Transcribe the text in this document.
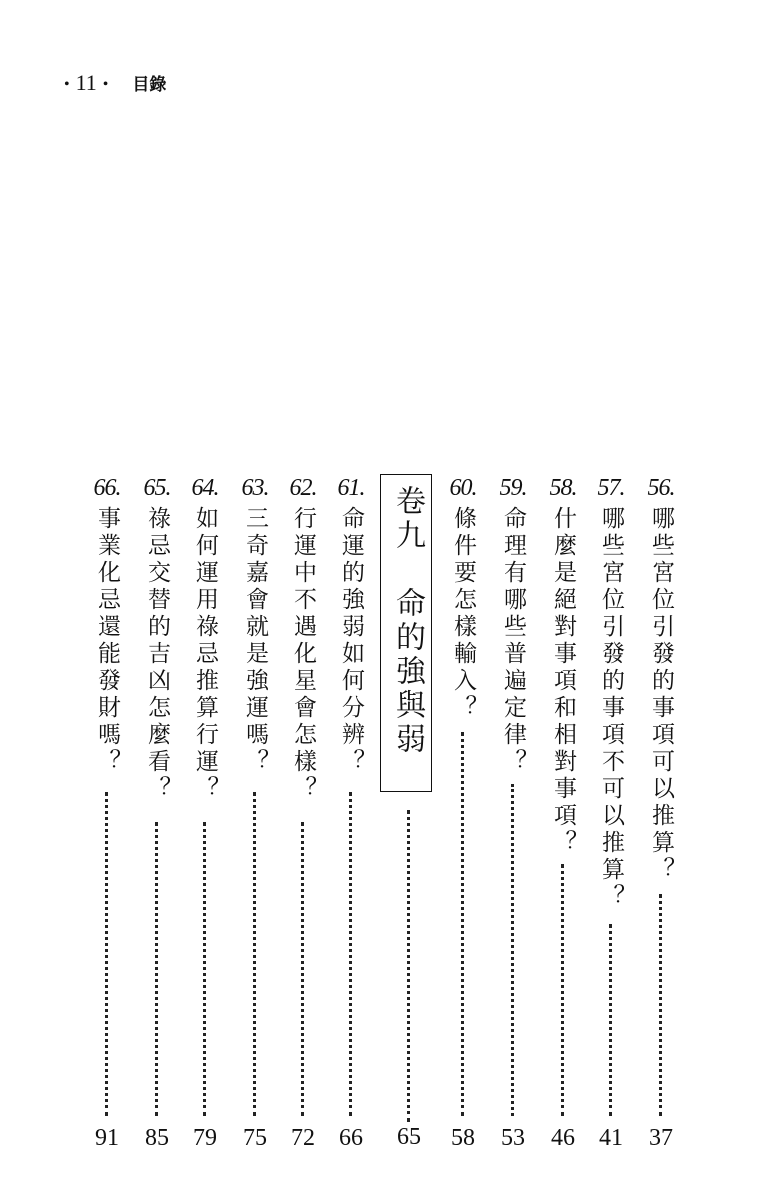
• 11 • 目錄
56.
哪些宮位引發的事項可以推算？
37
57.
哪些宮位引發的事項不可以推算？
41
58.
什麼是絕對事項和相對事項？
46
59.
命理有哪些普遍定律？
53
60.
條件要怎樣輸入？
58
卷九　命的強與弱
65
61.
命運的強弱如何分辨？
66
62.
行運中不遇化星會怎樣？
72
63.
三奇嘉會就是強運嗎？
75
64.
如何運用祿忌推算行運？
79
65.
祿忌交替的吉凶怎麼看？
85
66.
事業化忌還能發財嗎？
91
